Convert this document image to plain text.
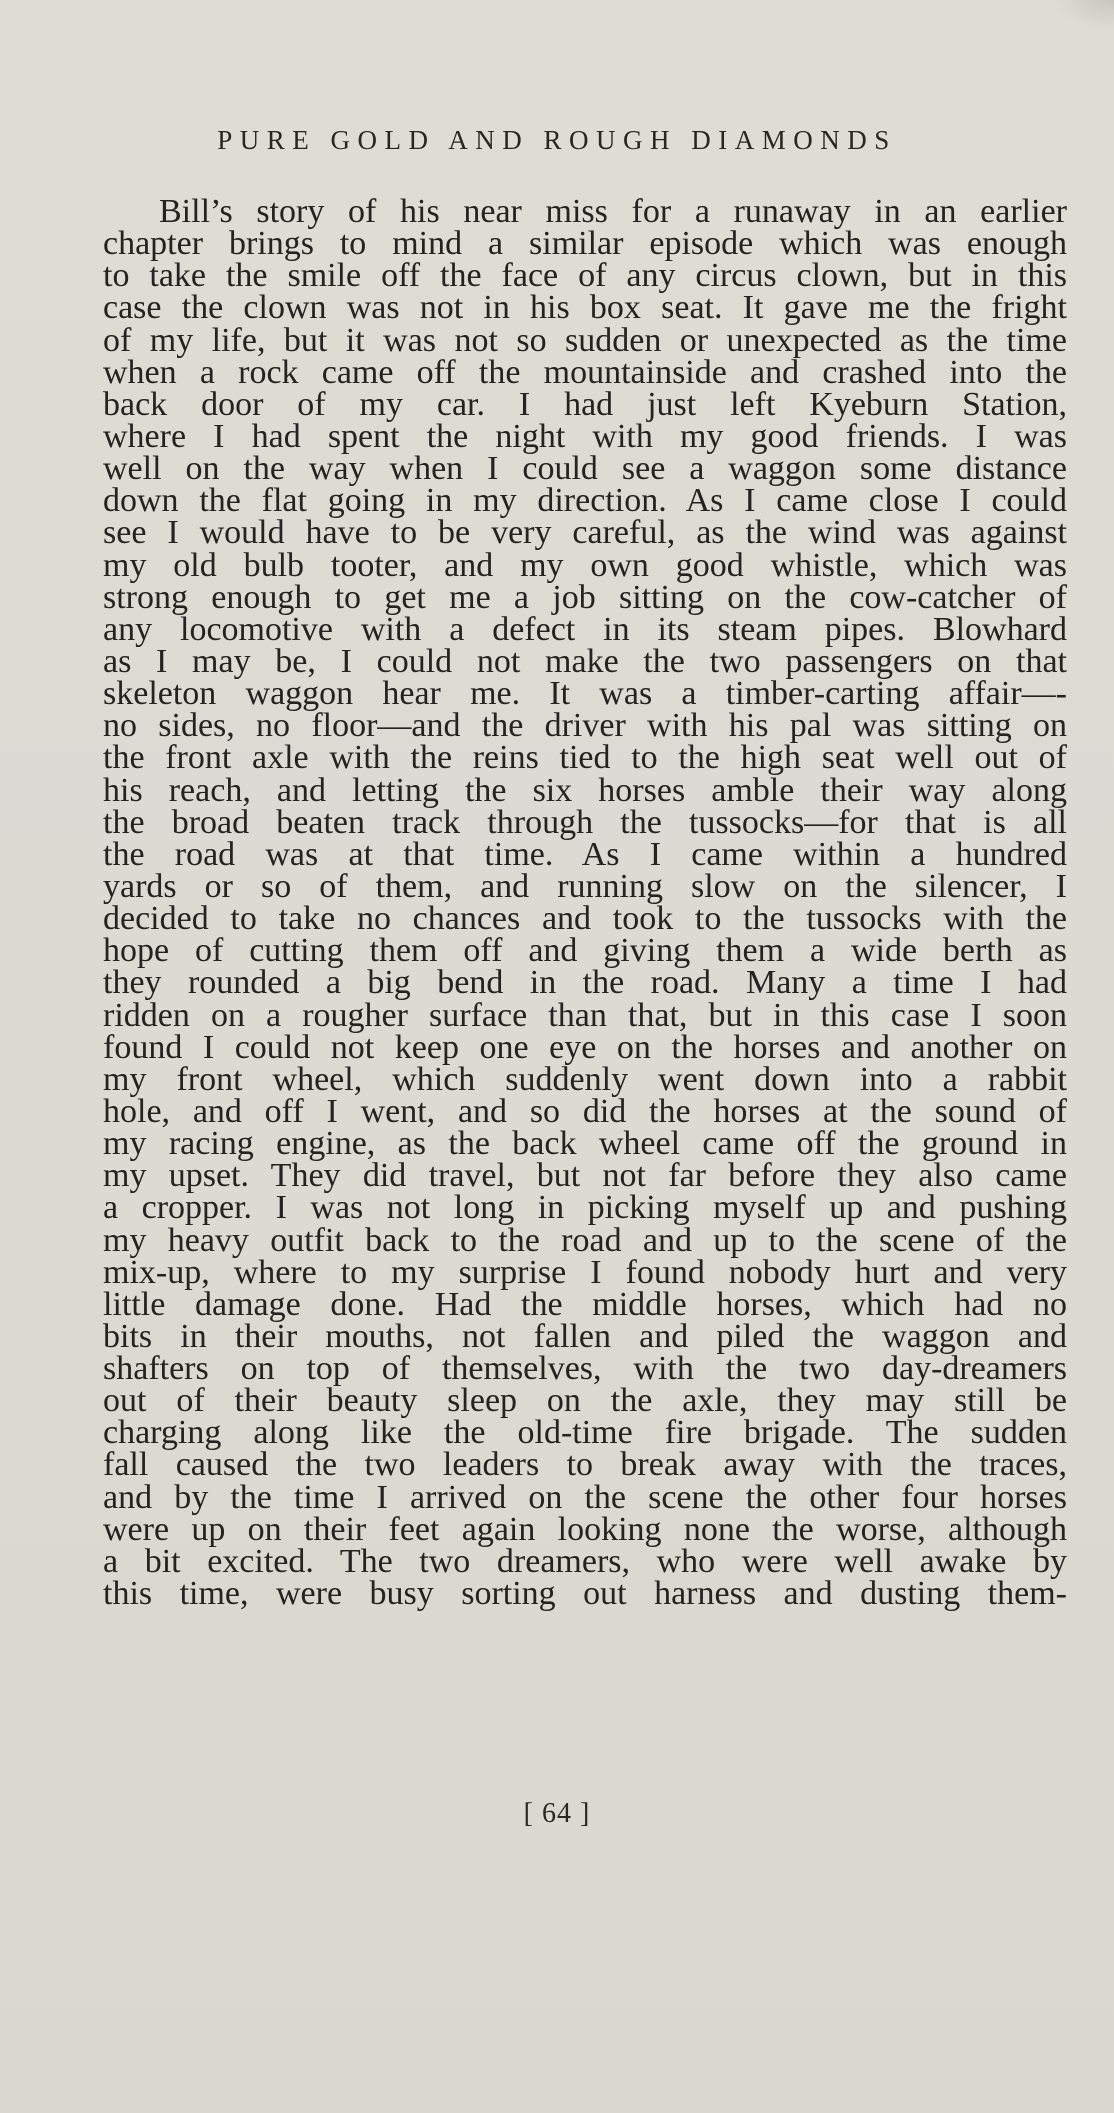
PURE GOLD AND ROUGH DIAMONDS
Bill’s story of his near miss for a runaway in an earlier
chapter brings to mind a similar episode which was enough
to take the smile off the face of any circus clown, but in this
case the clown was not in his box seat. It gave me the fright
of my life, but it was not so sudden or unexpected as the time
when a rock came off the mountainside and crashed into the
back door of my car. I had just left Kyeburn Station,
where I had spent the night with my good friends. I was
well on the way when I could see a waggon some distance
down the flat going in my direction. As I came close I could
see I would have to be very careful, as the wind was against
my old bulb tooter, and my own good whistle, which was
strong enough to get me a job sitting on the cow-catcher of
any locomotive with a defect in its steam pipes. Blowhard
as I may be, I could not make the two passengers on that
skeleton waggon hear me. It was a timber-carting affair—-
no sides, no floor—and the driver with his pal was sitting on
the front axle with the reins tied to the high seat well out of
his reach, and letting the six horses amble their way along
the broad beaten track through the tussocks—for that is all
the road was at that time. As I came within a hundred
yards or so of them, and running slow on the silencer, I
decided to take no chances and took to the tussocks with the
hope of cutting them off and giving them a wide berth as
they rounded a big bend in the road. Many a time I had
ridden on a rougher surface than that, but in this case I soon
found I could not keep one eye on the horses and another on
my front wheel, which suddenly went down into a rabbit
hole, and off I went, and so did the horses at the sound of
my racing engine, as the back wheel came off the ground in
my upset. They did travel, but not far before they also came
a cropper. I was not long in picking myself up and pushing
my heavy outfit back to the road and up to the scene of the
mix-up, where to my surprise I found nobody hurt and very
little damage done. Had the middle horses, which had no
bits in their mouths, not fallen and piled the waggon and
shafters on top of themselves, with the two day-dreamers
out of their beauty sleep on the axle, they may still be
charging along like the old-time fire brigade. The sudden
fall caused the two leaders to break away with the traces,
and by the time I arrived on the scene the other four horses
were up on their feet again looking none the worse, although
a bit excited. The two dreamers, who were well awake by
this time, were busy sorting out harness and dusting them-
[ 64 ]
